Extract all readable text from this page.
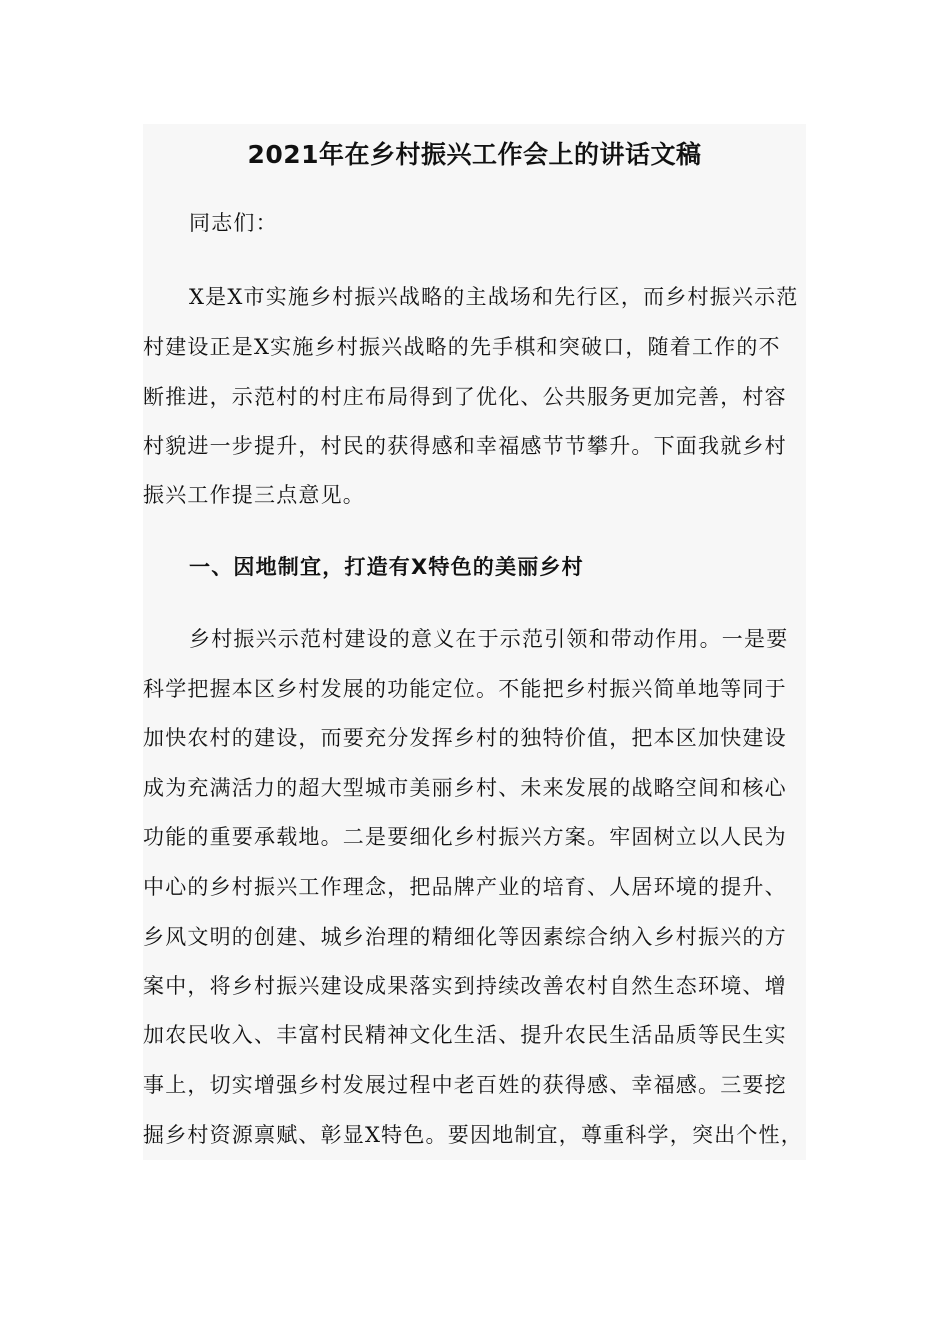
2021年在乡村振兴工作会上的讲话文稿
同志们：
X是X市实施乡村振兴战略的主战场和先行区，而乡村振兴示范
村建设正是X实施乡村振兴战略的先手棋和突破口，随着工作的不
断推进，示范村的村庄布局得到了优化、公共服务更加完善，村容
村貌进一步提升，村民的获得感和幸福感节节攀升。下面我就乡村
振兴工作提三点意见。
一、因地制宜，打造有X特色的美丽乡村
乡村振兴示范村建设的意义在于示范引领和带动作用。一是要
科学把握本区乡村发展的功能定位。不能把乡村振兴简单地等同于
加快农村的建设，而要充分发挥乡村的独特价值，把本区加快建设
成为充满活力的超大型城市美丽乡村、未来发展的战略空间和核心
功能的重要承载地。二是要细化乡村振兴方案。牢固树立以人民为
中心的乡村振兴工作理念，把品牌产业的培育、人居环境的提升、
乡风文明的创建、城乡治理的精细化等因素综合纳入乡村振兴的方
案中，将乡村振兴建设成果落实到持续改善农村自然生态环境、增
加农民收入、丰富村民精神文化生活、提升农民生活品质等民生实
事上，切实增强乡村发展过程中老百姓的获得感、幸福感。三要挖
掘乡村资源禀赋、彰显X特色。要因地制宜，尊重科学，突出个性，
